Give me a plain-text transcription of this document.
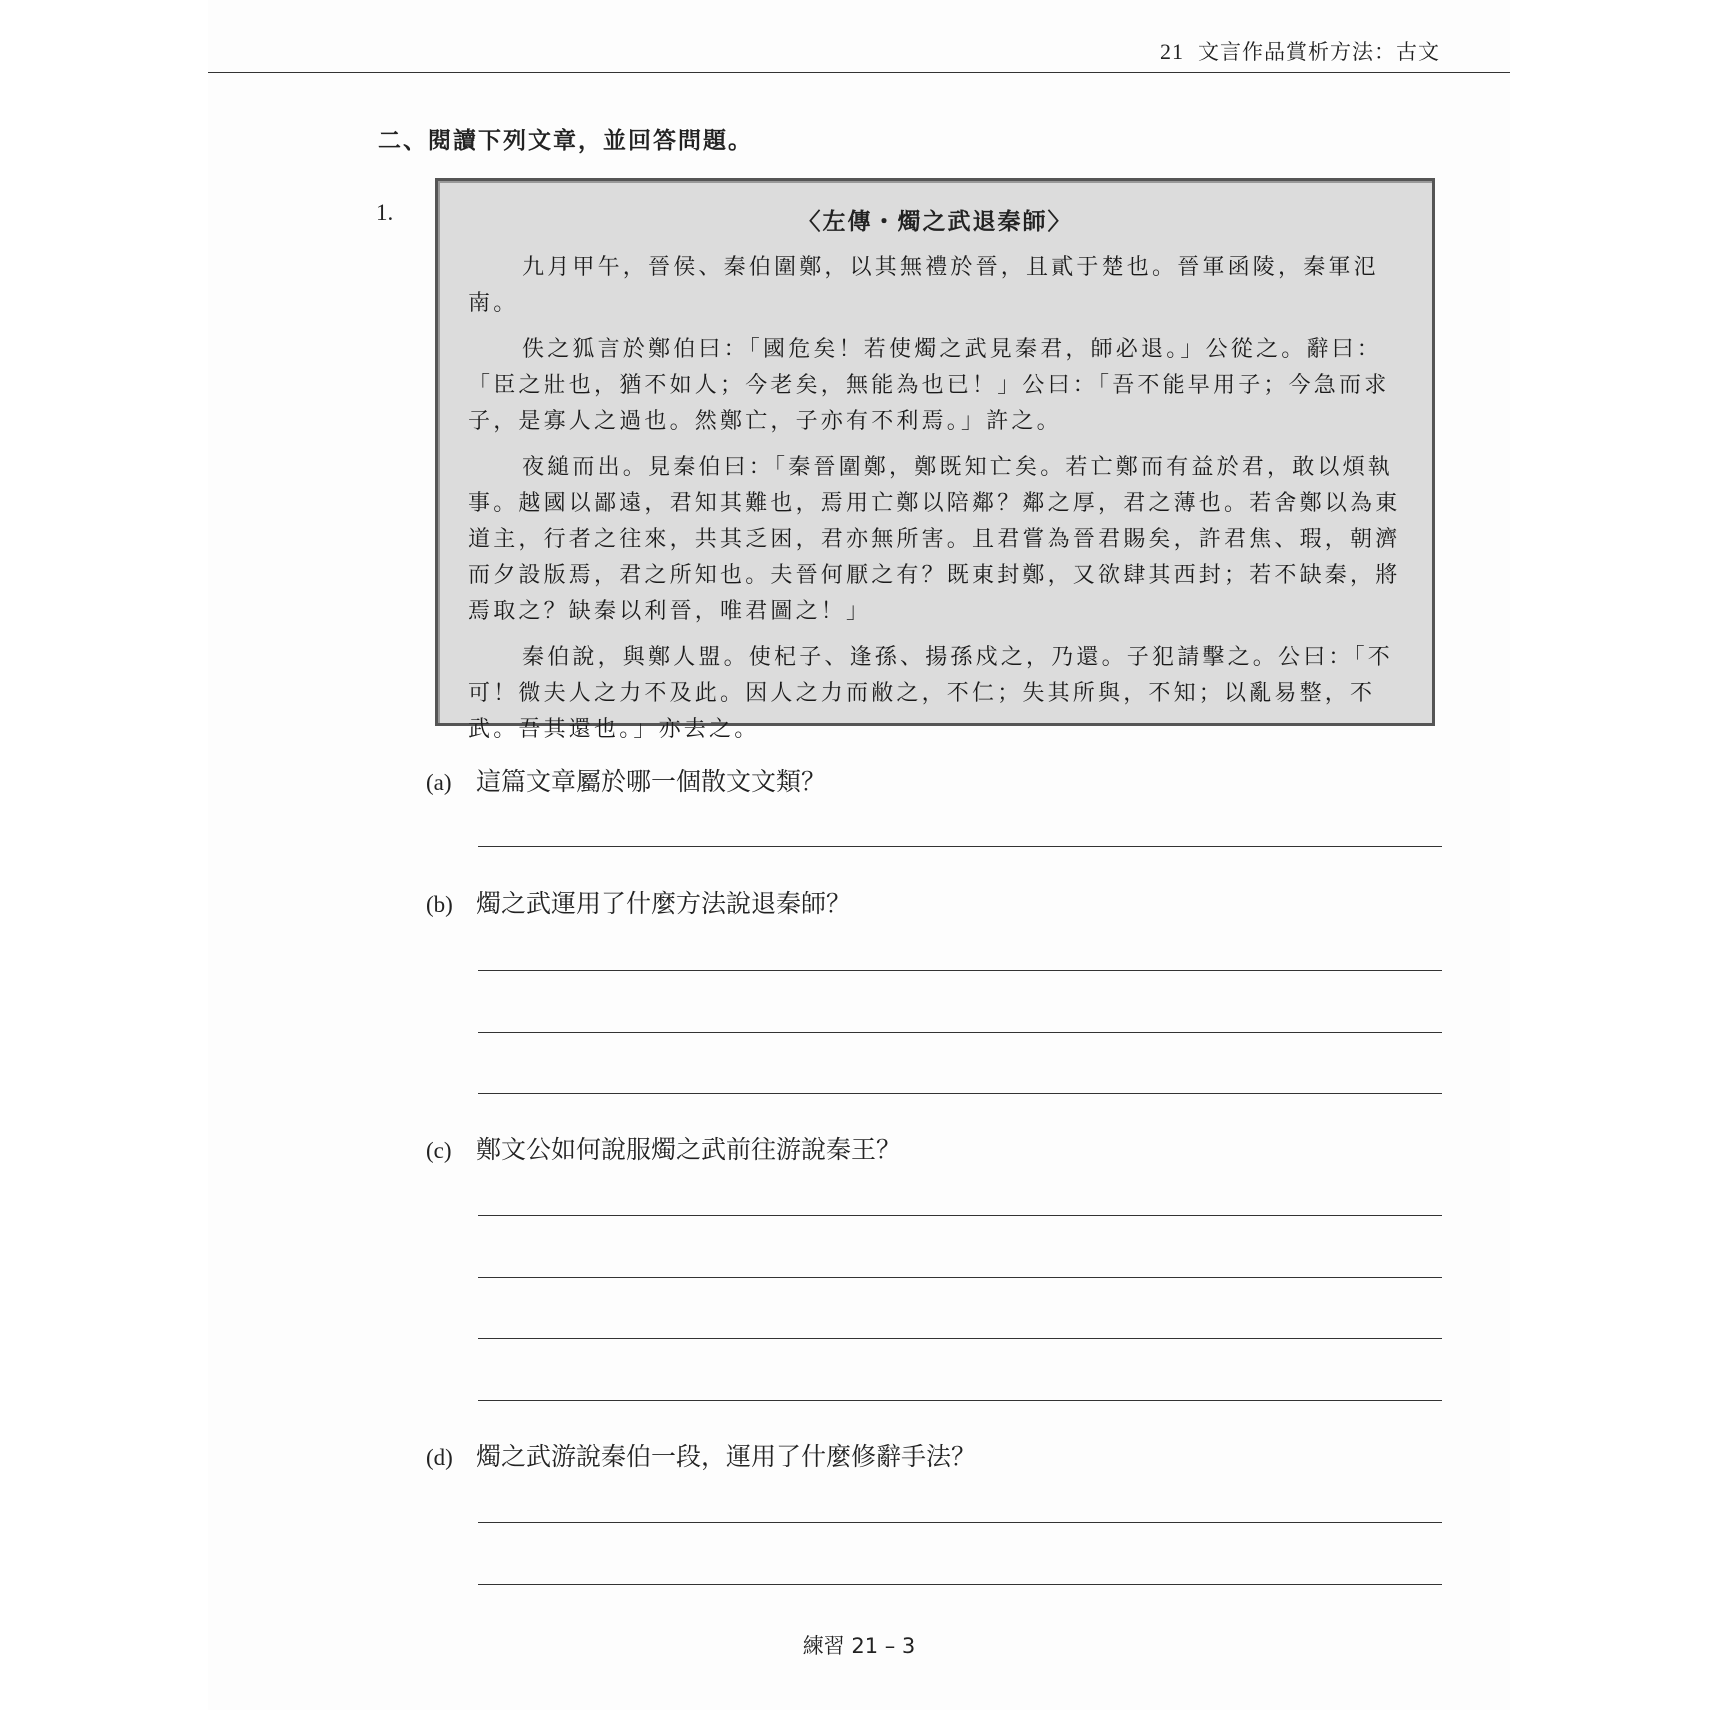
21 文言作品賞析方法：古文
二、閱讀下列文章，並回答問題。
1.	〈左傳・燭之武退秦師〉

九月甲午，晉侯、秦伯圍鄭，以其無禮於晉，且貳于楚也。晉軍函陵，秦軍氾南。

佚之狐言於鄭伯曰：「國危矣！若使燭之武見秦君，師必退。」公從之。辭曰：「臣之壯也，猶不如人；今老矣，無能為也已！」公曰：「吾不能早用子；今急而求子，是寡人之過也。然鄭亡，子亦有不利焉。」許之。

夜縋而出。見秦伯曰：「秦晉圍鄭，鄭既知亡矣。若亡鄭而有益於君，敢以煩執事。越國以鄙遠，君知其難也，焉用亡鄭以陪鄰？鄰之厚，君之薄也。若舍鄭以為東道主，行者之往來，共其乏困，君亦無所害。且君嘗為晉君賜矣，許君焦、瑕，朝濟而夕設版焉，君之所知也。夫晉何厭之有？既東封鄭，又欲肆其西封；若不缺秦，將焉取之？缺秦以利晉，唯君圖之！」

秦伯說，與鄭人盟。使杞子、逢孫、揚孫戍之，乃還。子犯請擊之。公曰：「不可！微夫人之力不及此。因人之力而敝之，不仁；失其所與，不知；以亂易整，不武。吾其還也。」亦去之。

(a) 這篇文章屬於哪一個散文文類？
(b) 燭之武運用了什麼方法說退秦師？
(c) 鄭文公如何說服燭之武前往游說秦王？
(d) 燭之武游說秦伯一段，運用了什麼修辭手法？
練習 21 – 3
